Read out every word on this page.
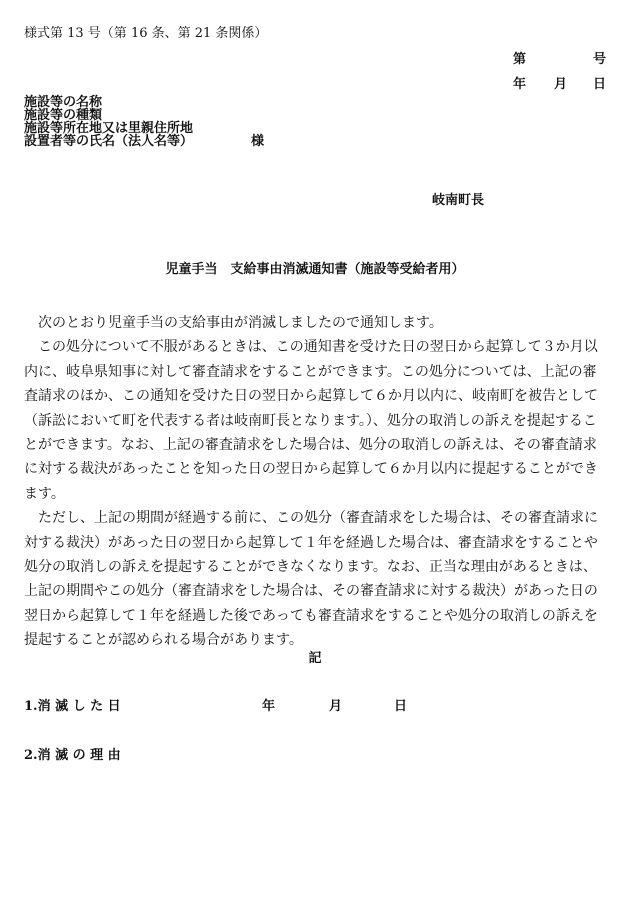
様式第 13 号（第 16 条、第 21 条関係）
第	号
年 月 日
施設等の名称
施設等の種類
施設等所在地又は里親住所地
設置者等の氏名（法人名等）	様
岐南町長
児童手当　支給事由消滅通知書（施設等受給者用）

次のとおり児童手当の支給事由が消滅しましたので通知します。

この処分について不服があるときは、この通知書を受けた日の翌日から起算して３か月以内に、岐阜県知事に対して審査請求をすることができます。この処分については、上記の審査請求のほか、この通知を受けた日の翌日から起算して６か月以内に、岐南町を被告として（訴訟において町を代表する者は岐南町長となります。）、処分の取消しの訴えを提起することができます。なお、上記の審査請求をした場合は、処分の取消しの訴えは、その審査請求に対する裁決があったことを知った日の翌日から起算して６か月以内に提起することができます。

ただし、上記の期間が経過する前に、この処分（審査請求をした場合は、その審査請求に対する裁決）があった日の翌日から起算して１年を経過した場合は、審査請求をすることや処分の取消しの訴えを提起することができなくなります。なお、正当な理由があるときは、上記の期間やこの処分（審査請求をした場合は、その審査請求に対する裁決）があった日の翌日から起算して１年を経過した後であっても審査請求をすることや処分の取消しの訴えを提起することが認められる場合があります。

記
1.消 滅 し た 日	年	月	日
2.消 滅 の 理 由
